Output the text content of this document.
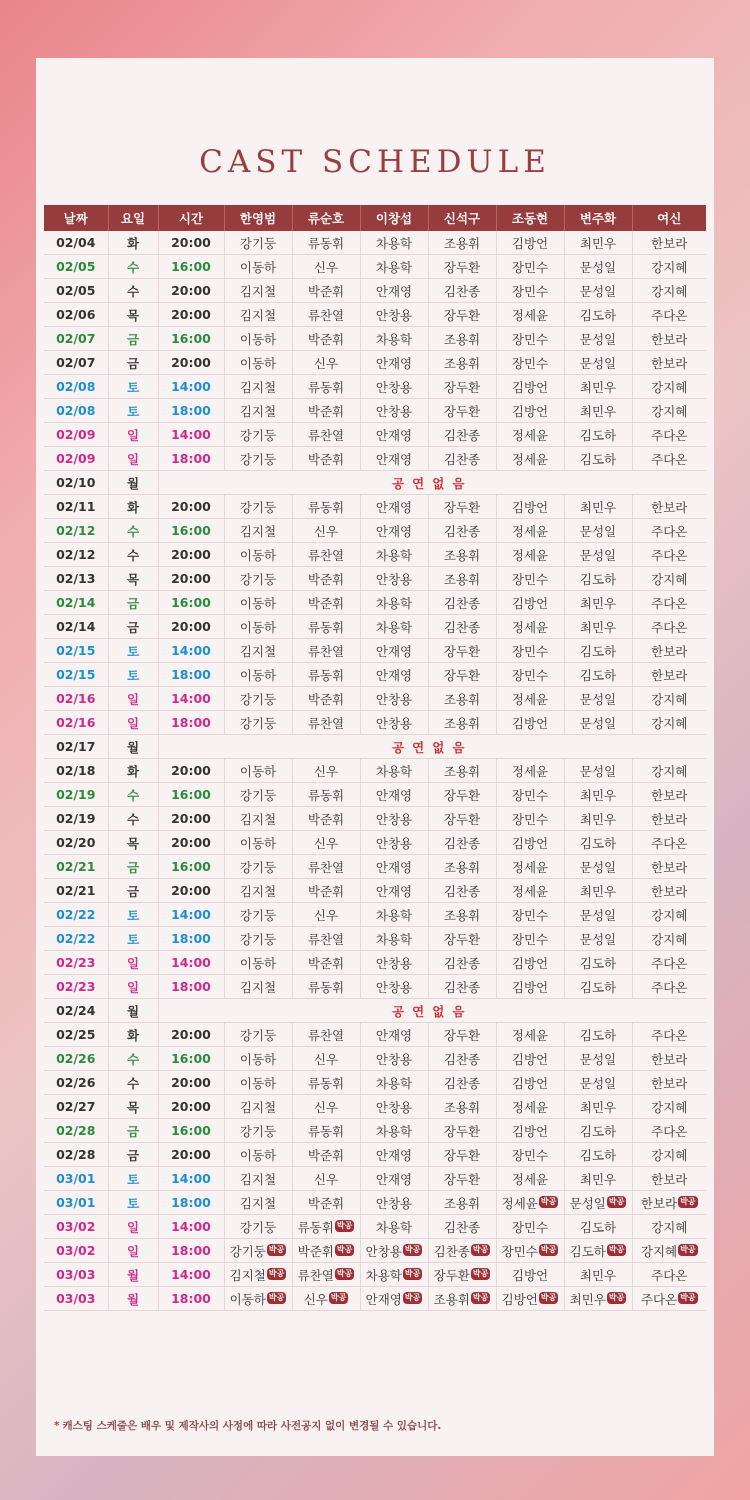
CAST SCHEDULE
날짜	요일	시간	한영범	류순호	이창섭	신석구	조동현	변주화	여신
02/04	화	20:00	강기둥	류동휘	차용학	조용휘	김방언	최민우	한보라
02/05	수	16:00	이동하	신우	차용학	장두환	장민수	문성일	강지혜
02/05	수	20:00	김지철	박준휘	안재영	김찬종	장민수	문성일	강지혜
02/06	목	20:00	김지철	류찬열	안창용	장두환	정세윤	김도하	주다온
02/07	금	16:00	이동하	박준휘	차용학	조용휘	장민수	문성일	한보라
02/07	금	20:00	이동하	신우	안재영	조용휘	장민수	문성일	한보라
02/08	토	14:00	김지철	류동휘	안창용	장두환	김방언	최민우	강지혜
02/08	토	18:00	김지철	박준휘	안창용	장두환	김방언	최민우	강지혜
02/09	일	14:00	강기둥	류찬열	안재영	김찬종	정세윤	김도하	주다온
02/09	일	18:00	강기둥	박준휘	안재영	김찬종	정세윤	김도하	주다온
02/10	월	공연없음							
02/11	화	20:00	강기둥	류동휘	안재영	장두환	김방언	최민우	한보라
02/12	수	16:00	김지철	신우	안재영	김찬종	정세윤	문성일	주다온
02/12	수	20:00	이동하	류찬열	차용학	조용휘	정세윤	문성일	주다온
02/13	목	20:00	강기둥	박준휘	안창용	조용휘	장민수	김도하	강지혜
02/14	금	16:00	이동하	박준휘	차용학	김찬종	김방언	최민우	주다온
02/14	금	20:00	이동하	류동휘	차용학	김찬종	정세윤	최민우	주다온
02/15	토	14:00	김지철	류찬열	안재영	장두환	장민수	김도하	한보라
02/15	토	18:00	이동하	류동휘	안재영	장두환	장민수	김도하	한보라
02/16	일	14:00	강기둥	박준휘	안창용	조용휘	정세윤	문성일	강지혜
02/16	일	18:00	강기둥	류찬열	안창용	조용휘	김방언	문성일	강지혜
02/17	월	공연없음							
02/18	화	20:00	이동하	신우	차용학	조용휘	정세윤	문성일	강지혜
02/19	수	16:00	강기둥	류동휘	안재영	장두환	장민수	최민우	한보라
02/19	수	20:00	김지철	박준휘	안창용	장두환	장민수	최민우	한보라
02/20	목	20:00	이동하	신우	안창용	김찬종	김방언	김도하	주다온
02/21	금	16:00	강기둥	류찬열	안재영	조용휘	정세윤	문성일	한보라
02/21	금	20:00	김지철	박준휘	안재영	김찬종	정세윤	최민우	한보라
02/22	토	14:00	강기둥	신우	차용학	조용휘	장민수	문성일	강지혜
02/22	토	18:00	강기둥	류찬열	차용학	장두환	장민수	문성일	강지혜
02/23	일	14:00	이동하	박준휘	안창용	김찬종	김방언	김도하	주다온
02/23	일	18:00	김지철	류동휘	안창용	김찬종	김방언	김도하	주다온
02/24	월	공연없음							
02/25	화	20:00	강기둥	류찬열	안재영	장두환	정세윤	김도하	주다온
02/26	수	16:00	이동하	신우	안창용	김찬종	김방언	문성일	한보라
02/26	수	20:00	이동하	류동휘	차용학	김찬종	김방언	문성일	한보라
02/27	목	20:00	김지철	신우	안창용	조용휘	정세윤	최민우	강지혜
02/28	금	16:00	강기둥	류동휘	차용학	장두환	김방언	김도하	주다온
02/28	금	20:00	이동하	박준휘	안재영	장두환	장민수	김도하	강지혜
03/01	토	14:00	김지철	신우	안재영	장두환	정세윤	최민우	한보라
03/01	토	18:00	김지철	박준휘	안창용	조용휘	정세윤 박공	문성일 박공	한보라 박공
03/02	일	14:00	강기둥	류동휘 박공	차용학	김찬종	장민수	김도하	강지혜
03/02	일	18:00	강기둥 박공	박준휘 박공	안창용 박공	김찬종 박공	장민수 박공	김도하 박공	강지혜 박공
03/03	월	14:00	김지철 박공	류찬열 박공	차용학 박공	장두환 박공	김방언	최민우	주다온
03/03	월	18:00	이동하 박공	신우 박공	안재영 박공	조용휘 박공	김방언 박공	최민우 박공	주다온 박공
* 캐스팅 스케줄은 배우 및 제작사의 사정에 따라 사전공지 없이 변경될 수 있습니다.
